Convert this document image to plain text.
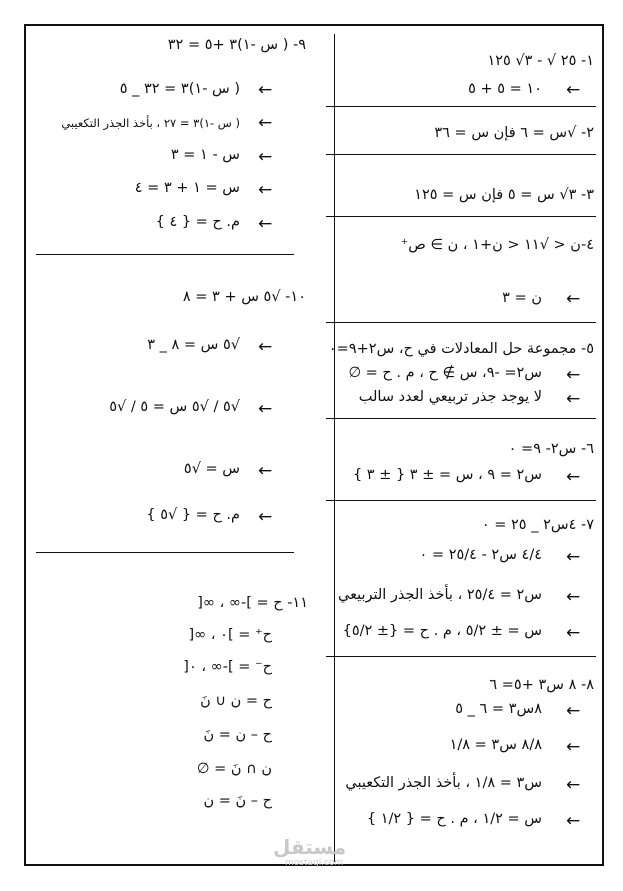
١- ٢٥ √ - ٣√ ١٢٥
←
١٠ = ٥ + ٥
٢- √س = ٦ فإن س = ٣٦
٣- ٣√ س = ٥ فإن س = ١٢٥
٤-ن < √١١ < ن+١ ، ن ∋ ص⁺
←
ن = ٣
٥- مجموعة حل المعادلات في ح، س٢+٩=٠
←
س٢= -٩، س ∌ ح ، م . ح = ∅
←
لا يوجد جذر تربيعي لعدد سالب
٦- س٢- ٩= ٠
←
س٢ = ٩ ، س = ± ٣ { ± ٣ }
٧- ٤س٢ _ ٢٥ = ٠
←
٤/٤ س٢ - ٢٥/٤ = ٠
←
س٢ = ٢٥/٤ ، بأخذ الجذر التربيعي
←
س = ± ٥/٢ ، م . ح = {± ٥/٢}
٨- ٨ س٣ +٥= ٦
←
٨س٣ = ٦ _ ٥
←
٨/٨ س٣ = ١/٨
←
س٣ = ١/٨ ، بأخذ الجذر التكعيبي
←
س = ١/٢ ، م . ح = { ١/٢ }
٩- ( س -١)٣ +٥ = ٣٢
←
( س -١)٣ = ٣٢ _ ٥
←
( س -١)٣ = ٢٧ ، بأخذ الجذر التكعيبي
←
س - ١ = ٣
←
س = ١ + ٣ = ٤
←
م. ح = { ٤ }
١٠- √٥ س + ٣ = ٨
←
√٥ س = ٨ _ ٣
←
√٥ / √٥ س = ٥ / √٥
←
س = √٥
←
م. ح = { √٥ }
١١- ح = ]-∞ ، ∞[
ح⁺ = ]٠ ، ∞[
ح⁻ = ]-∞ ، ٠[
ح = ن ∪ نَ
ح – ن = نَ
ن ∩ نَ = ∅
ح – نَ = ن
مستقل
mostaql.com
